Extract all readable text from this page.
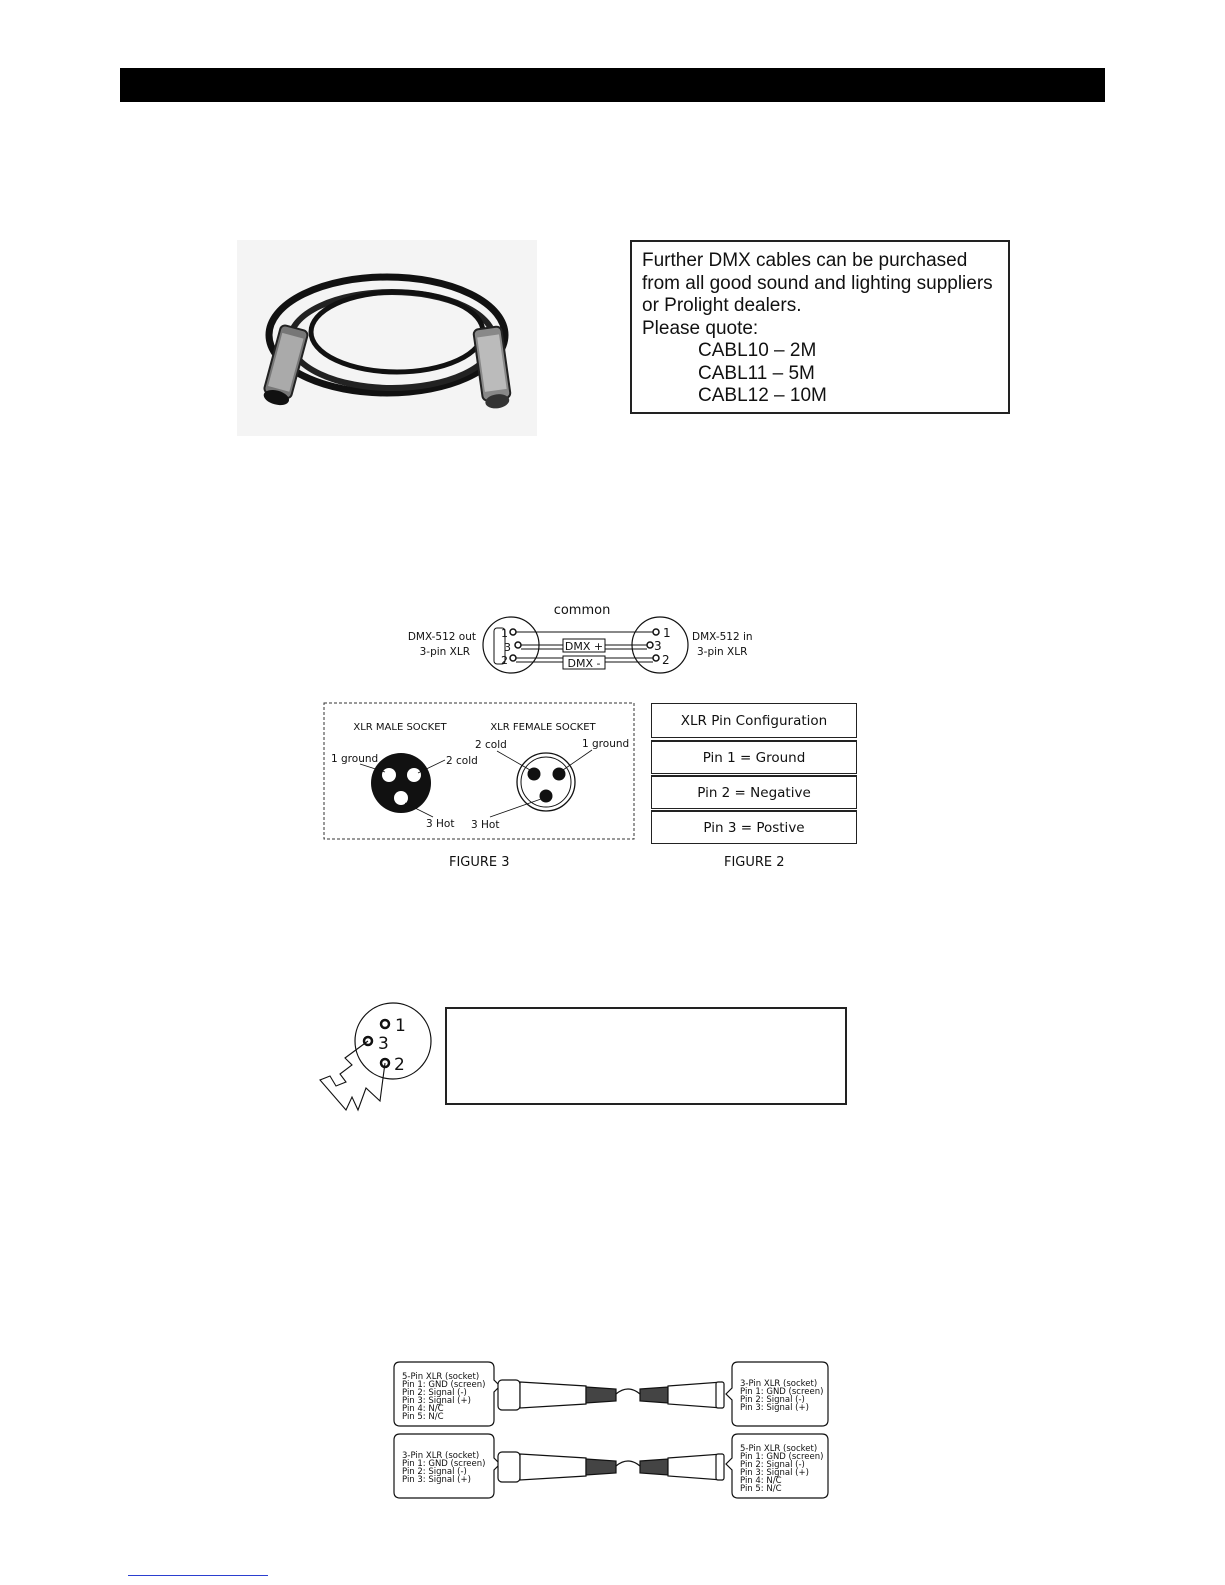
Further DMX cables can be purchased
from all good sound and lighting suppliers
or Prolight dealers.
Please quote:
CABL10 – 2M
CABL11 – 5M
CABL12 – 10M
common
DMX-512 out
3-pin XLR
DMX-512 in
3-pin XLR
1
3
2
1
3
2
DMX +
DMX -
XLR MALE SOCKET	XLR FEMALE SOCKET
1 ground	2 cold
3 Hot
2 cold	1 ground
3 Hot
1
3
2
5-Pin XLR (socket)
Pin 1: GND (screen)
Pin 2: Signal (-)
Pin 3: Signal (+)
Pin 4: N/C
Pin 5: N/C
3-Pin XLR (socket)
Pin 1: GND (screen)
Pin 2: Signal (-)
Pin 3: Signal (+)
3-Pin XLR (socket)
Pin 1: GND (screen)
Pin 2: Signal (-)
Pin 3: Signal (+)
5-Pin XLR (socket)
Pin 1: GND (screen)
Pin 2: Signal (-)
Pin 3: Signal (+)
Pin 4: N/C
Pin 5: N/C
FIGURE 3
XLR Pin Configuration
Pin 1 = Ground
Pin 2 = Negative
Pin 3 = Postive
FIGURE 2
